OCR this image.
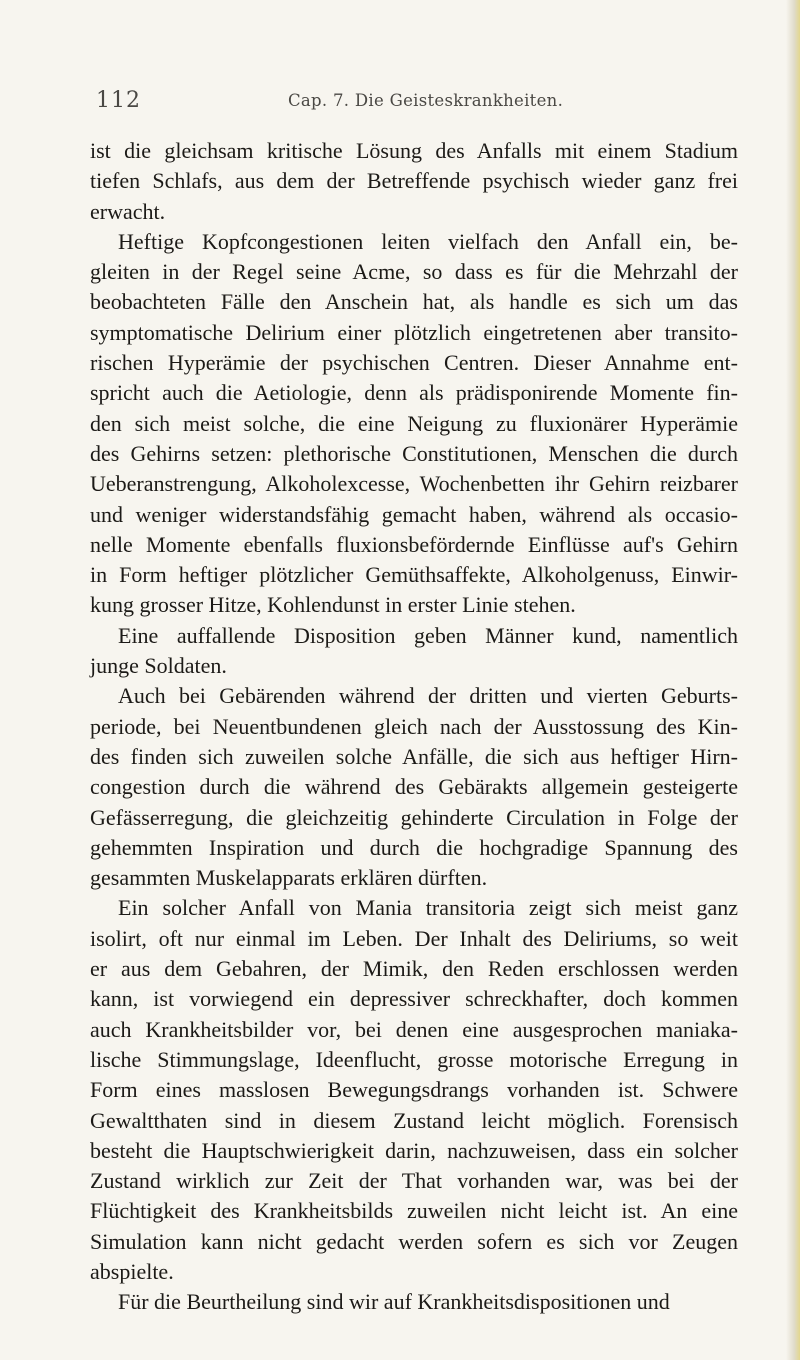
112	Cap. 7. Die Geisteskrankheiten.
ist die gleichsam kritische Lösung des Anfalls mit einem Stadium
tiefen Schlafs, aus dem der Betreffende psychisch wieder ganz frei
erwacht.
Heftige Kopfcongestionen leiten vielfach den Anfall ein, be-
gleiten in der Regel seine Acme, so dass es für die Mehrzahl der
beobachteten Fälle den Anschein hat, als handle es sich um das
symptomatische Delirium einer plötzlich eingetretenen aber transito-
rischen Hyperämie der psychischen Centren. Dieser Annahme ent-
spricht auch die Aetiologie, denn als prädisponirende Momente fin-
den sich meist solche, die eine Neigung zu fluxionärer Hyperämie
des Gehirns setzen: plethorische Constitutionen, Menschen die durch
Ueberanstrengung, Alkoholexcesse, Wochenbetten ihr Gehirn reizbarer
und weniger widerstandsfähig gemacht haben, während als occasio-
nelle Momente ebenfalls fluxionsbefördernde Einflüsse auf's Gehirn
in Form heftiger plötzlicher Gemüthsaffekte, Alkoholgenuss, Einwir-
kung grosser Hitze, Kohlendunst in erster Linie stehen.
Eine auffallende Disposition geben Männer kund, namentlich
junge Soldaten.
Auch bei Gebärenden während der dritten und vierten Geburts-
periode, bei Neuentbundenen gleich nach der Ausstossung des Kin-
des finden sich zuweilen solche Anfälle, die sich aus heftiger Hirn-
congestion durch die während des Gebärakts allgemein gesteigerte
Gefässerregung, die gleichzeitig gehinderte Circulation in Folge der
gehemmten Inspiration und durch die hochgradige Spannung des
gesammten Muskelapparats erklären dürften.
Ein solcher Anfall von Mania transitoria zeigt sich meist ganz
isolirt, oft nur einmal im Leben. Der Inhalt des Deliriums, so weit
er aus dem Gebahren, der Mimik, den Reden erschlossen werden
kann, ist vorwiegend ein depressiver schreckhafter, doch kommen
auch Krankheitsbilder vor, bei denen eine ausgesprochen maniaka-
lische Stimmungslage, Ideenflucht, grosse motorische Erregung in
Form eines masslosen Bewegungsdrangs vorhanden ist. Schwere
Gewaltthaten sind in diesem Zustand leicht möglich. Forensisch
besteht die Hauptschwierigkeit darin, nachzuweisen, dass ein solcher
Zustand wirklich zur Zeit der That vorhanden war, was bei der
Flüchtigkeit des Krankheitsbilds zuweilen nicht leicht ist. An eine
Simulation kann nicht gedacht werden sofern es sich vor Zeugen
abspielte.
Für die Beurtheilung sind wir auf Krankheitsdispositionen und
